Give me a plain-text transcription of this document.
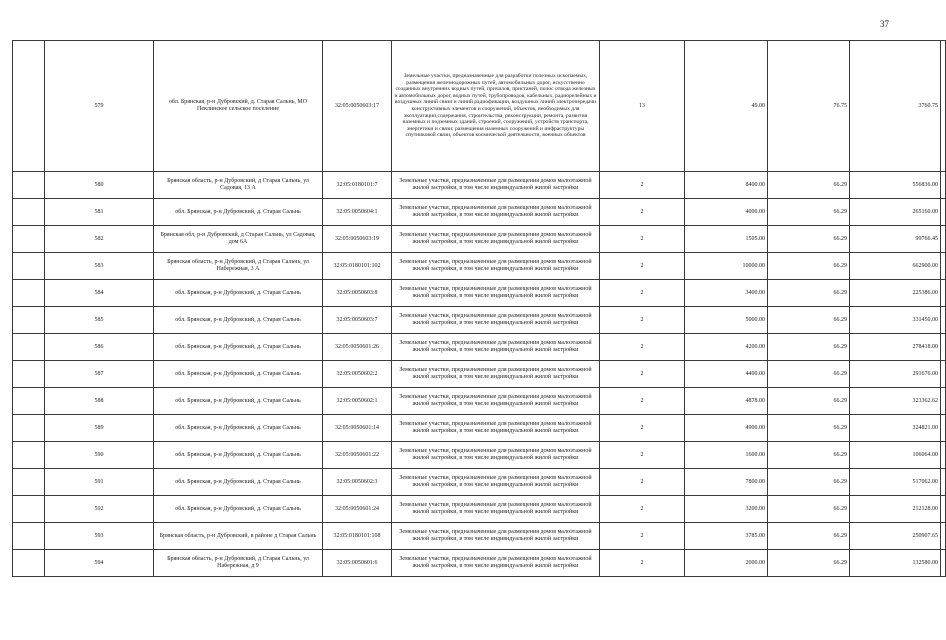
37
	579	обл. Брянская, р-н Дубровский, д. Старая Сальнь, МО Пеклинское сельское поселение	32:05:0050603:17	Земельные участки, предназначенные для разработки полезных ископаемых, размещения железнодорожных путей, автомобильных дорог, искусственно созданных внутренних водных путей, причалов, пристаней, полос отвода железных и автомобильных дорог, водных путей, трубопроводов, кабельных, радиорелейных и воздушных линий связи и линий радиофикации, воздушных линий электропередачи конструктивных элементов и сооружений, объектов, необходимых для эксплуатации,содержания, строительства, реконструкции, ремонта, развития наземных и подземных зданий, строений, сооружений, устройств транспорта, энергетики и связи; размещения наземных сооружений и инфраструктуры спутниковой связи, объектов космической деятельности, военных объектов	13	49.00	76.75	3760.75	
	580	Брянская область, р-н Дубровский, д Старая Сальнь, ул Садовая, 13 А	32:05:0180101:7	Земельные участки, предназначенные для размещения домов малоэтажной жилой застройки, в том числе индивидуальной жилой застройки	2	8400.00	66.29	556836.00	
	581	обл. Брянская, р-н Дубровский, д. Старая Сальнь	32:05:0050604:1	Земельные участки, предназначенные для размещения домов малоэтажной жилой застройки, в том числе индивидуальной жилой застройки	2	4000.00	66.29	265160.00	
	582	Брянская обл, р-н Дубровский, д Старая Сальнь, ул Садовая, дом 6А	32:05:0050603:19	Земельные участки, предназначенные для размещения домов малоэтажной жилой застройки, в том числе индивидуальной жилой застройки	2	1505.00	66.29	99766.45	
	583	Брянская область, р-н Дубровский, д Старая Сальнь, ул Набережная, 3 А	32:05:0180101:102	Земельные участки, предназначенные для размещения домов малоэтажной жилой застройки, в том числе индивидуальной жилой застройки	2	10000.00	66.29	662900.00	
	584	обл. Брянская, р-н Дубровский, д. Старая Сальнь	32:05:0050603:8	Земельные участки, предназначенные для размещения домов малоэтажной жилой застройки, в том числе индивидуальной жилой застройки	2	3400.00	66.29	225386.00	
	585	обл. Брянская, р-н Дубровский, д. Старая Сальнь	32:05:0050603:7	Земельные участки, предназначенные для размещения домов малоэтажной жилой застройки, в том числе индивидуальной жилой застройки	2	5000.00	66.29	331450.00	
	586	обл. Брянская, р-н Дубровский, д. Старая Сальнь	32:05:0050601:26	Земельные участки, предназначенные для размещения домов малоэтажной жилой застройки, в том числе индивидуальной жилой застройки	2	4200.00	66.29	278418.00	
	587	обл. Брянская, р-н Дубровский, д. Старая Сальнь	32:05:0050602:2	Земельные участки, предназначенные для размещения домов малоэтажной жилой застройки, в том числе индивидуальной жилой застройки	2	4400.00	66.29	291676.00	
	588	обл. Брянская, р-н Дубровский, д. Старая Сальнь	32:05:0050602:1	Земельные участки, предназначенные для размещения домов малоэтажной жилой застройки, в том числе индивидуальной жилой застройки	2	4878.00	66.29	323362.62	
	589	обл. Брянская, р-н Дубровский, д. Старая Сальнь	32:05:0050601:14	Земельные участки, предназначенные для размещения домов малоэтажной жилой застройки, в том числе индивидуальной жилой застройки	2	4900.00	66.29	324821.00	
	590	обл. Брянская, р-н Дубровский, д. Старая Сальнь	32:05:0050601:22	Земельные участки, предназначенные для размещения домов малоэтажной жилой застройки, в том числе индивидуальной жилой застройки	2	1600.00	66.29	106064.00	
	591	обл. Брянская, р-н Дубровский, д. Старая Сальнь	32:05:0050602:3	Земельные участки, предназначенные для размещения домов малоэтажной жилой застройки, в том числе индивидуальной жилой застройки	2	7800.00	66.29	517062.00	
	592	обл. Брянская, р-н Дубровский, д. Старая Сальнь	32:05:0050601:24	Земельные участки, предназначенные для размещения домов малоэтажной жилой застройки, в том числе индивидуальной жилой застройки	2	3200.00	66.29	212128.00	
	593	Брянская область, р-н Дубровский, в районе д Старая Сальнь	32:05:0180101:108	Земельные участки, предназначенные для размещения домов малоэтажной жилой застройки, в том числе индивидуальной жилой застройки	2	3785.00	66.29	250907.65	
	594	Брянская область, р-н Дубровский, д Старая Сальнь, ул Набережная, д 9	32:05:0050601:6	Земельные участки, предназначенные для размещения домов малоэтажной жилой застройки, в том числе индивидуальной жилой застройки	2	2000.00	66.29	132580.00	
